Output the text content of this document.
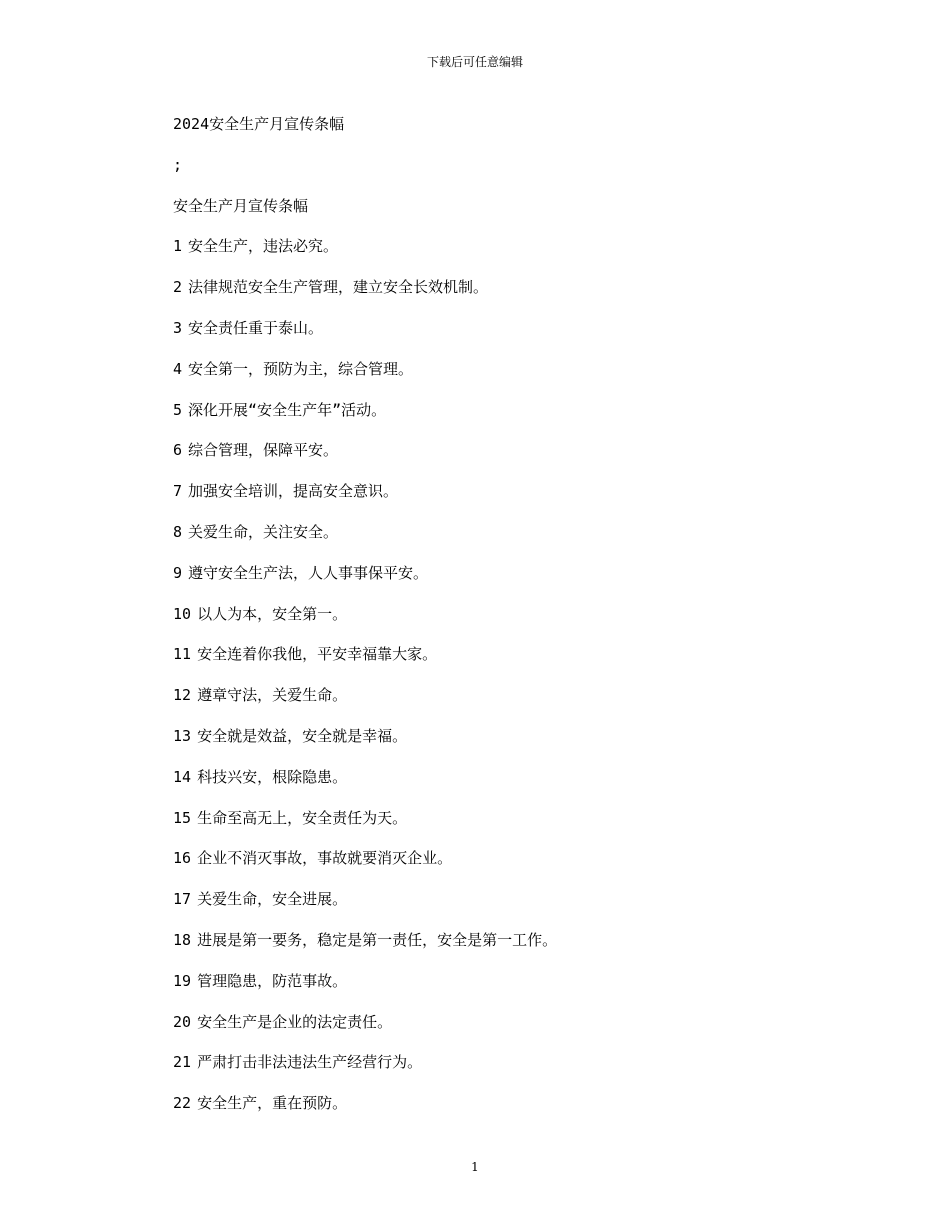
下载后可任意编辑
2024安全生产月宣传条幅
;
安全生产月宣传条幅
1 安全生产，违法必究。
2 法律规范安全生产管理，建立安全长效机制。
3 安全责任重于泰山。
4 安全第一，预防为主，综合管理。
5 深化开展“安全生产年”活动。
6 综合管理，保障平安。
7 加强安全培训，提高安全意识。
8 关爱生命，关注安全。
9 遵守安全生产法，人人事事保平安。
10 以人为本，安全第一。
11 安全连着你我他，平安幸福靠大家。
12 遵章守法，关爱生命。
13 安全就是效益，安全就是幸福。
14 科技兴安，根除隐患。
15 生命至高无上，安全责任为天。
16 企业不消灭事故，事故就要消灭企业。
17 关爱生命，安全进展。
18 进展是第一要务，稳定是第一责任，安全是第一工作。
19 管理隐患，防范事故。
20 安全生产是企业的法定责任。
21 严肃打击非法违法生产经营行为。
22 安全生产，重在预防。
1
